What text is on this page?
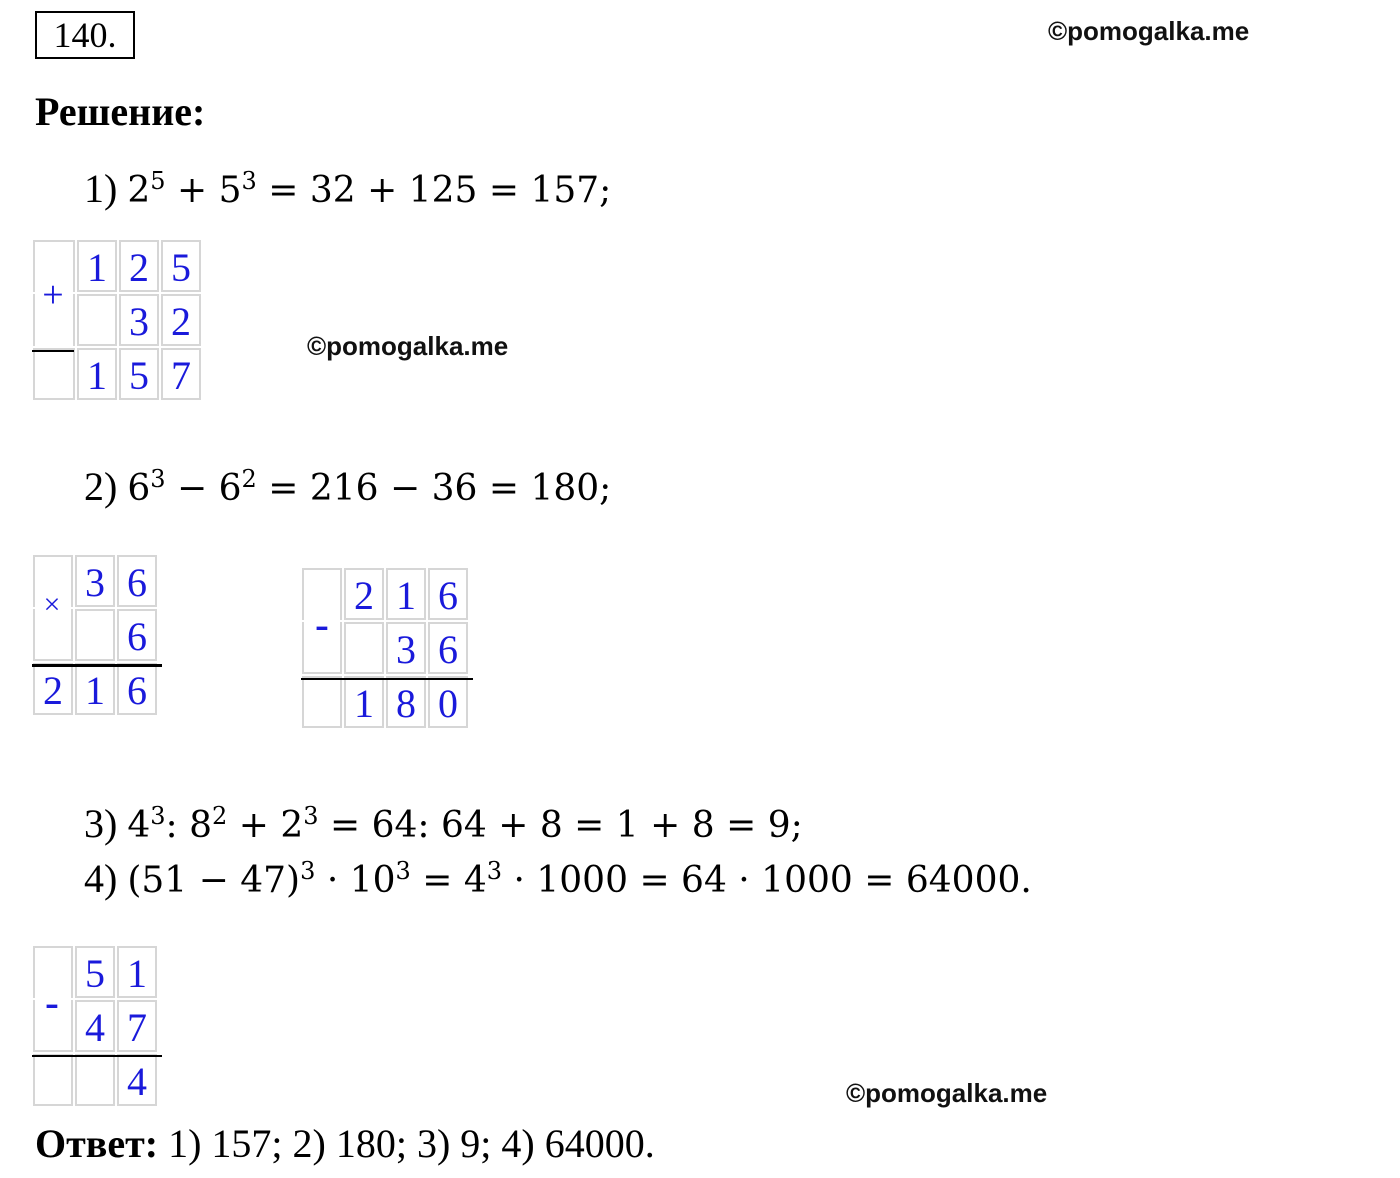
140.	©pomogalka.me
Решение:
1) $2^5 + 5^3 = 32 + 125 = 157$;
1 2 5
3 2
1 5 7
+
©pomogalka.me
2) $6^3 - 6^2 = 216 - 36 = 180$;
3 6
6
2 1 6
×	2 1 6
3 6
1 8 0
-
3) $4^3$: $8^2 + 2^3 = 64$: 64 + 8 = 1 + 8 = 9;
4) $(51 - 47)^3 \cdot 10^3 = 4^3 \cdot 1000 = 64 \cdot 1000 = 64000$.
5 1
4 7
4
-
©pomogalka.me
Ответ: 1) 157; 2) 180; 3) 9; 4) 64000.
